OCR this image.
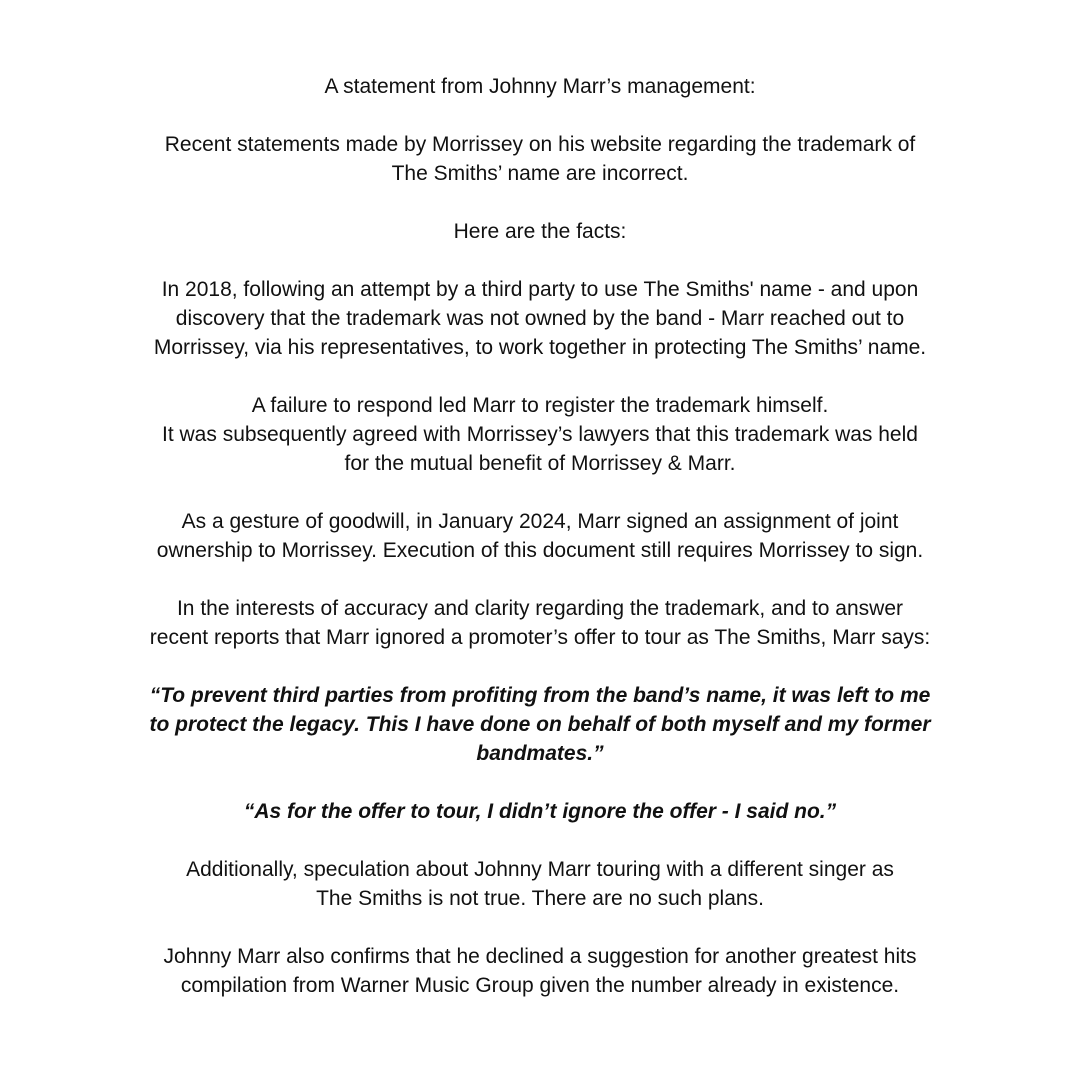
A statement from Johnny Marr’s management:

Recent statements made by Morrissey on his website regarding the trademark of
The Smiths’ name are incorrect.

Here are the facts:

In 2018, following an attempt by a third party to use The Smiths' name - and upon
discovery that the trademark was not owned by the band - Marr reached out to
Morrissey, via his representatives, to work together in protecting The Smiths’ name.

A failure to respond led Marr to register the trademark himself.
It was subsequently agreed with Morrissey’s lawyers that this trademark was held
for the mutual benefit of Morrissey & Marr.

As a gesture of goodwill, in January 2024, Marr signed an assignment of joint
ownership to Morrissey. Execution of this document still requires Morrissey to sign.

In the interests of accuracy and clarity regarding the trademark, and to answer
recent reports that Marr ignored a promoter’s offer to tour as The Smiths, Marr says:

“To prevent third parties from profiting from the band’s name, it was left to me
to protect the legacy. This I have done on behalf of both myself and my former
bandmates.”

“As for the offer to tour, I didn’t ignore the offer - I said no.”

Additionally, speculation about Johnny Marr touring with a different singer as
The Smiths is not true. There are no such plans.

Johnny Marr also confirms that he declined a suggestion for another greatest hits
compilation from Warner Music Group given the number already in existence.
